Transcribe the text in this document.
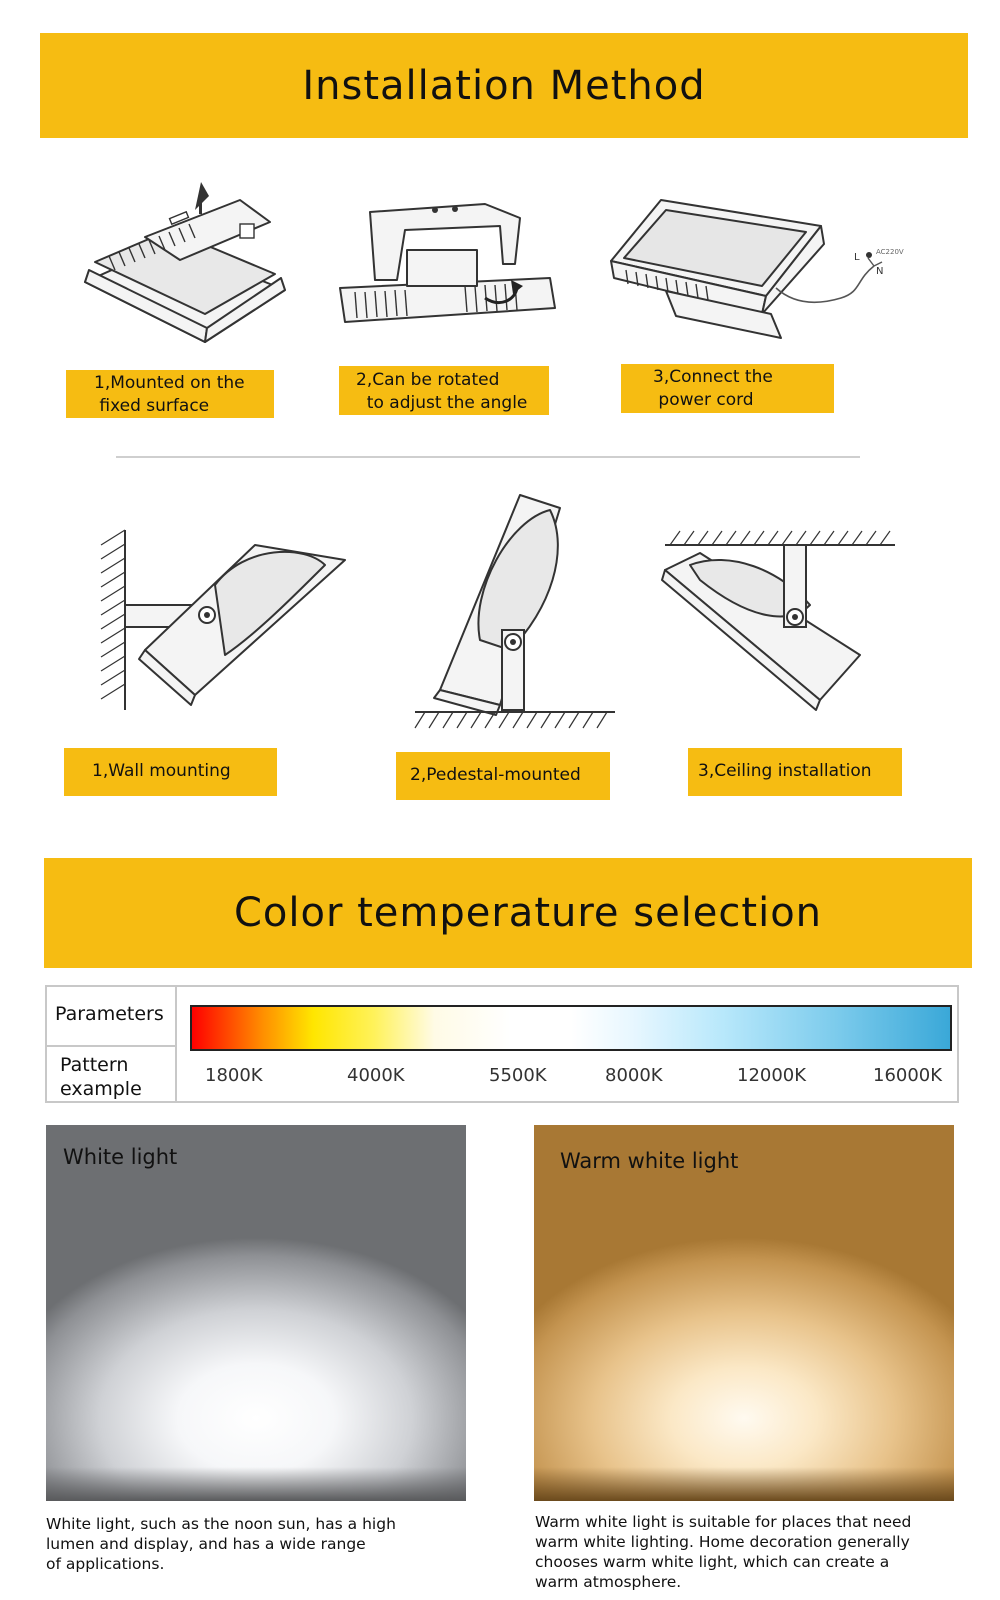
Installation Method
L
N
AC220V
1,Mounted on the
fixed surface
2,Can be rotated
to adjust the angle
3,Connect the
power cord
1,Wall mounting	2,Pedestal-mounted	3,Ceiling installation
Color temperature selection
Parameters
Pattern
example
1800K	4000K	5500K	8000K	12000K	16000K
White light	Warm white light
White light, such as the noon sun, has a high
lumen and display, and has a wide range
of applications.
Warm white light is suitable for places that need
warm white lighting. Home decoration generally
chooses warm white light, which can create a
warm atmosphere.
